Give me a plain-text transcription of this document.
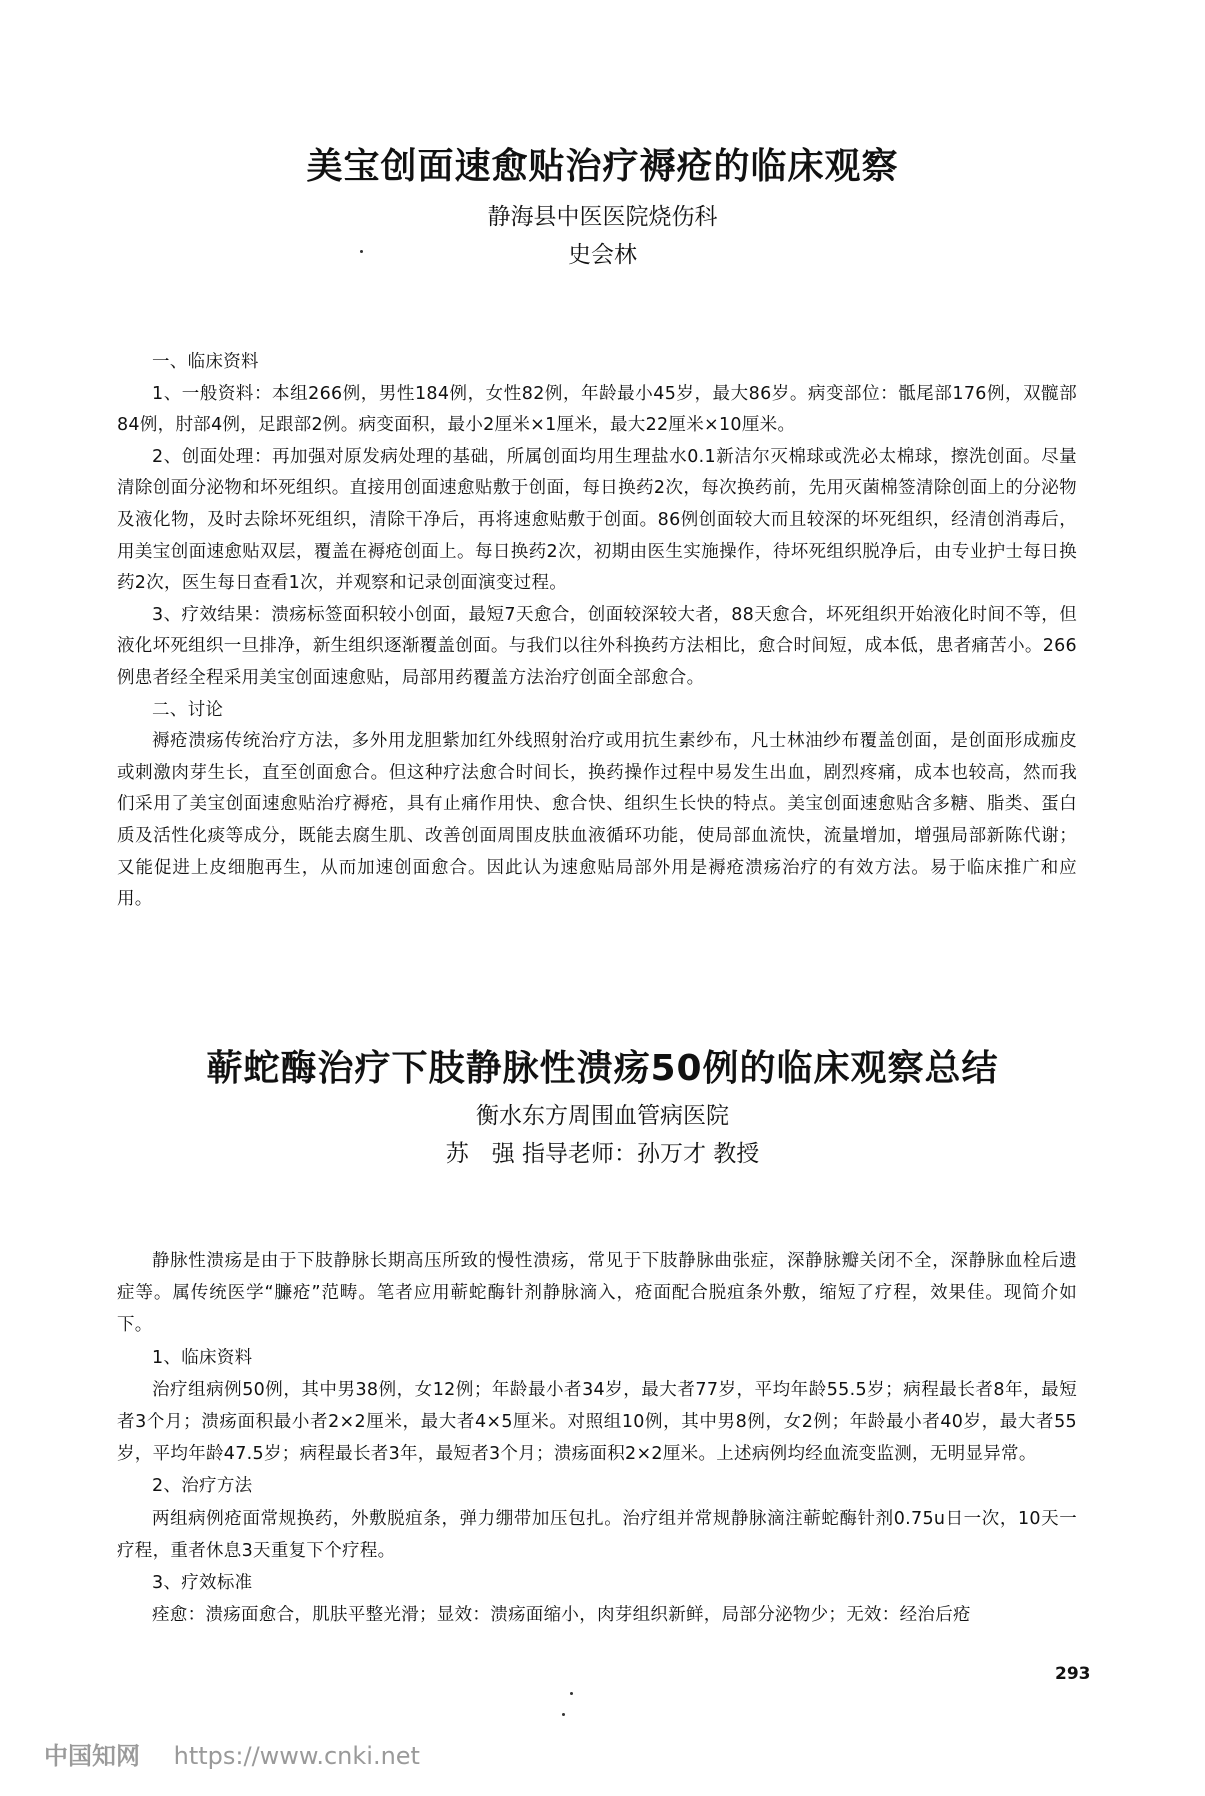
美宝创面速愈贴治疗褥疮的临床观察
静海县中医医院烧伤科
史会林

一、临床资料

1、一般资料：本组266例，男性184例，女性82例，年龄最小45岁，最大86岁。病变部位：骶尾部176例，双髋部84例，肘部4例，足跟部2例。病变面积，最小2厘米×1厘米，最大22厘米×10厘米。

2、创面处理：再加强对原发病处理的基础，所属创面均用生理盐水0.1新洁尔灭棉球或洗必太棉球，擦洗创面。尽量清除创面分泌物和坏死组织。直接用创面速愈贴敷于创面，每日换药2次，每次换药前，先用灭菌棉签清除创面上的分泌物及液化物，及时去除坏死组织，清除干净后，再将速愈贴敷于创面。86例创面较大而且较深的坏死组织，经清创消毒后，用美宝创面速愈贴双层，覆盖在褥疮创面上。每日换药2次，初期由医生实施操作，待坏死组织脱净后，由专业护士每日换药2次，医生每日查看1次，并观察和记录创面演变过程。

3、疗效结果：溃疡标签面积较小创面，最短7天愈合，创面较深较大者，88天愈合，坏死组织开始液化时间不等，但液化坏死组织一旦排净，新生组织逐渐覆盖创面。与我们以往外科换药方法相比，愈合时间短，成本低，患者痛苦小。266例患者经全程采用美宝创面速愈贴，局部用药覆盖方法治疗创面全部愈合。

二、讨论

褥疮溃疡传统治疗方法，多外用龙胆紫加红外线照射治疗或用抗生素纱布，凡士林油纱布覆盖创面，是创面形成痂皮或刺激肉芽生长，直至创面愈合。但这种疗法愈合时间长，换药操作过程中易发生出血，剧烈疼痛，成本也较高，然而我们采用了美宝创面速愈贴治疗褥疮，具有止痛作用快、愈合快、组织生长快的特点。美宝创面速愈贴含多糖、脂类、蛋白质及活性化痰等成分，既能去腐生肌、改善创面周围皮肤血液循环功能，使局部血流快，流量增加，增强局部新陈代谢；又能促进上皮细胞再生，从而加速创面愈合。因此认为速愈贴局部外用是褥疮溃疡治疗的有效方法。易于临床推广和应用。

蕲蛇酶治疗下肢静脉性溃疡50例的临床观察总结
衡水东方周围血管病医院
苏　强 指导老师：孙万才 教授

静脉性溃疡是由于下肢静脉长期高压所致的慢性溃疡，常见于下肢静脉曲张症，深静脉瓣关闭不全，深静脉血栓后遗症等。属传统医学“臁疮”范畴。笔者应用蕲蛇酶针剂静脉滴入，疮面配合脱疽条外敷，缩短了疗程，效果佳。现简介如下。

1、临床资料

治疗组病例50例，其中男38例，女12例；年龄最小者34岁，最大者77岁，平均年龄55.5岁；病程最长者8年，最短者3个月；溃疡面积最小者2×2厘米，最大者4×5厘米。对照组10例，其中男8例，女2例；年龄最小者40岁，最大者55岁，平均年龄47.5岁；病程最长者3年，最短者3个月；溃疡面积2×2厘米。上述病例均经血流变监测，无明显异常。

2、治疗方法

两组病例疮面常规换药，外敷脱疽条，弹力绷带加压包扎。治疗组并常规静脉滴注蕲蛇酶针剂0.75u日一次，10天一疗程，重者休息3天重复下个疗程。

3、疗效标准

痊愈：溃疡面愈合，肌肤平整光滑；显效：溃疡面缩小，肉芽组织新鲜，局部分泌物少；无效：经治后疮

293
中国知网 https://www.cnki.net
